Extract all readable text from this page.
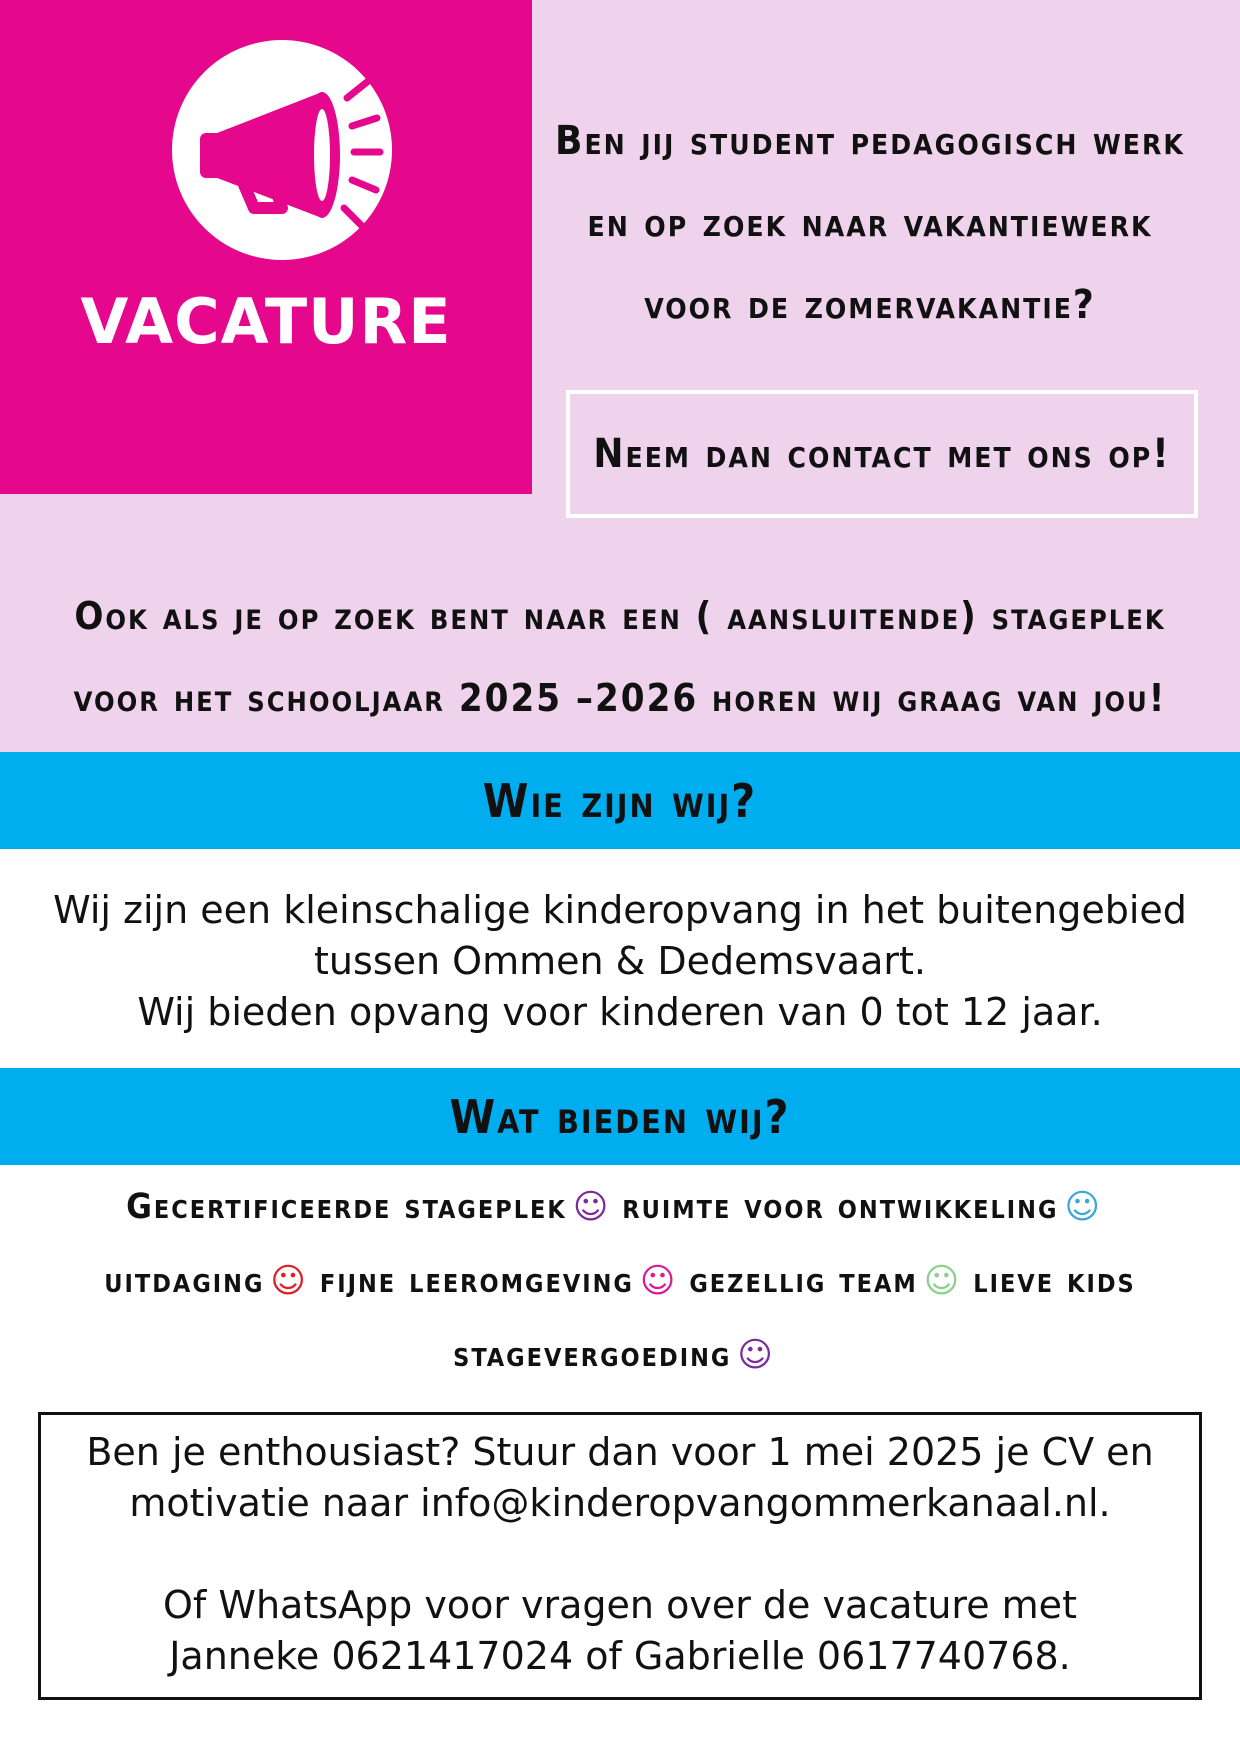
VACATURE
Ben jij student pedagogisch werk
en op zoek naar vakantiewerk
voor de zomervakantie?
Neem dan contact met ons op!
Ook als je op zoek bent naar een ( aansluitende) stageplek
voor het schooljaar 2025 –2026 horen wij graag van jou!
Wie zijn wij?
Wij zijn een kleinschalige kinderopvang in het buitengebied
tussen Ommen & Dedemsvaart.
Wij bieden opvang voor kinderen van 0 tot 12 jaar.
Wat bieden wij?
Gecertificeerde stageplek ☺ ruimte voor ontwikkeling ☺
uitdaging ☺ fijne leeromgeving ☺ gezellig team ☺ lieve kids
stagevergoeding ☺

Ben je enthousiast? Stuur dan voor 1 mei 2025 je CV en

motivatie naar info@kinderopvangommerkanaal.nl.

Of WhatsApp voor vragen over de vacature met

Janneke 0621417024 of Gabrielle 0617740768.
